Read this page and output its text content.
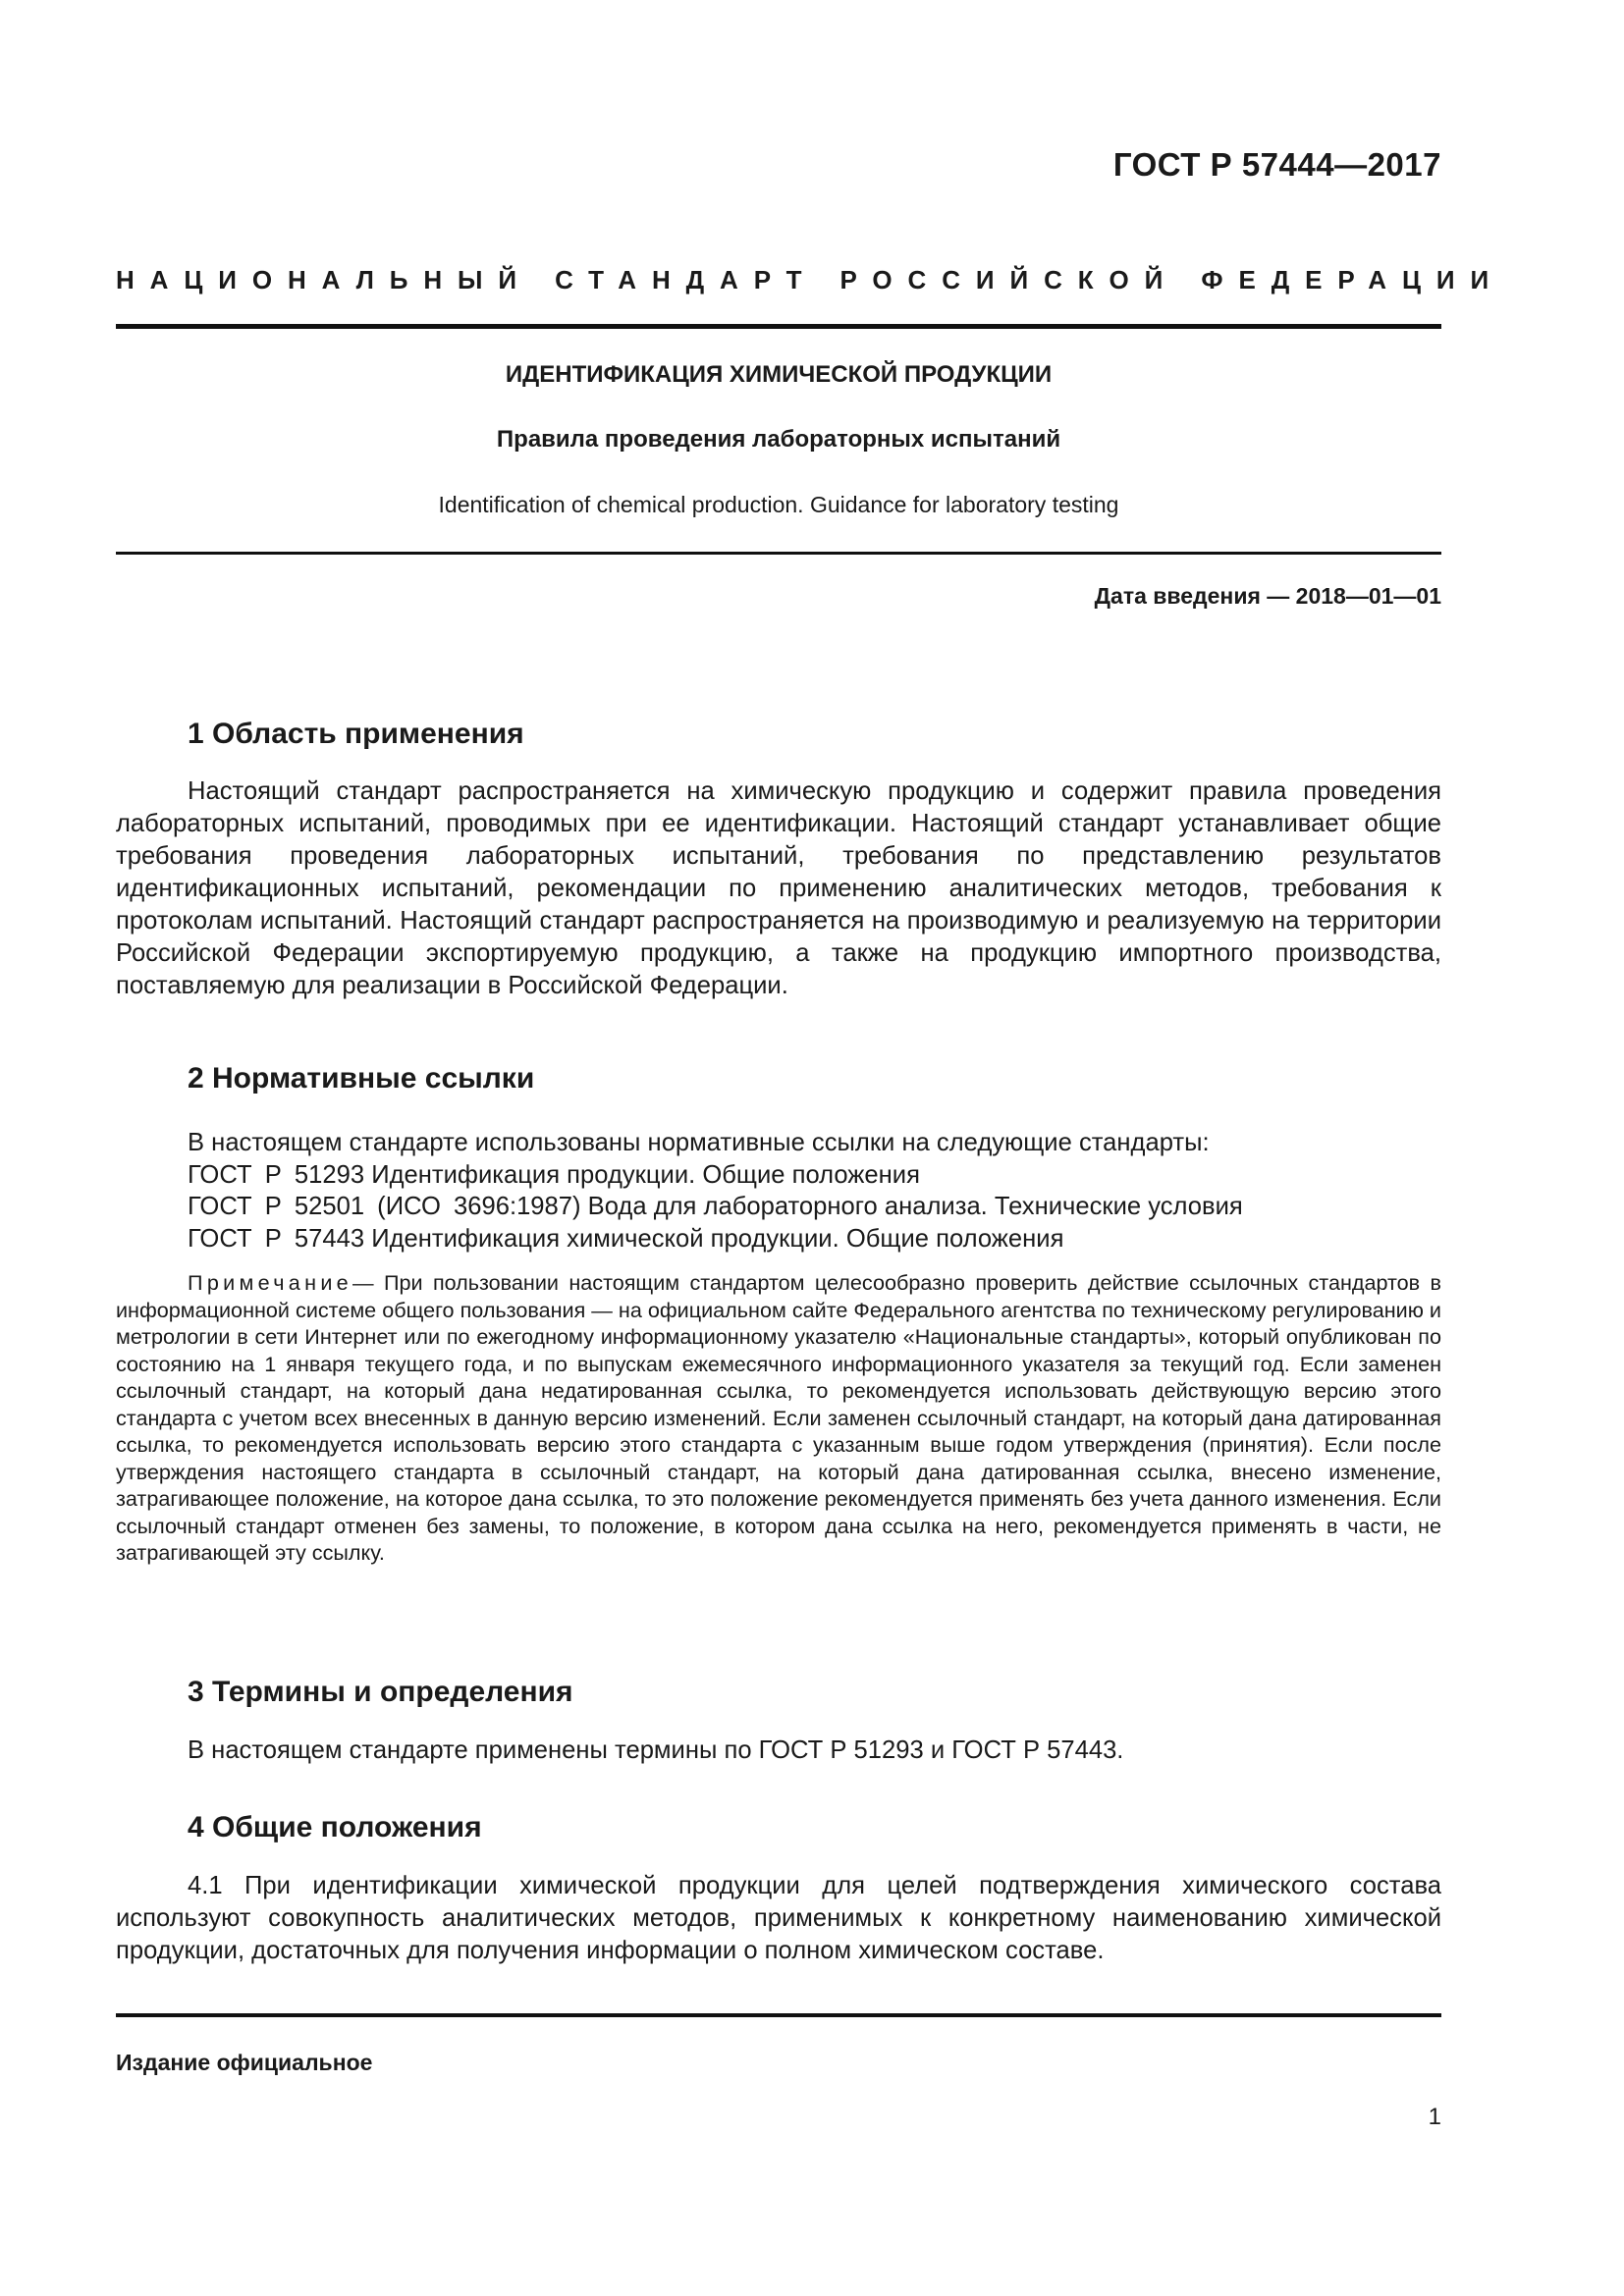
ГОСТ Р 57444—2017
НАЦИОНАЛЬНЫЙ СТАНДАРТ РОССИЙСКОЙ ФЕДЕРАЦИИ
ИДЕНТИФИКАЦИЯ ХИМИЧЕСКОЙ ПРОДУКЦИИ
Правила проведения лабораторных испытаний
Identification of chemical production. Guidance for laboratory testing
Дата введения — 2018—01—01
1 Область применения

Настоящий стандарт распространяется на химическую продукцию и содержит правила проведения лабораторных испытаний, проводимых при ее идентификации. Настоящий стандарт устанавливает общие требования проведения лабораторных испытаний, требования по представлению результатов идентификационных испытаний, рекомендации по применению аналитических методов, требования к протоколам испытаний. Настоящий стандарт распространяется на производимую и реализуемую на территории Российской Федерации экспортируемую продукцию, а также на продукцию импортного производства, поставляемую для реализации в Российской Федерации.

2 Нормативные ссылки
В настоящем стандарте использованы нормативные ссылки на следующие стандарты:
ГОСТ Р 51293 Идентификация продукции. Общие положения
ГОСТ Р 52501 (ИСО 3696:1987) Вода для лабораторного анализа. Технические условия
ГОСТ Р 57443 Идентификация химической продукции. Общие положения

Примечание— При пользовании настоящим стандартом целесообразно проверить действие ссылочных стандартов в информационной системе общего пользования — на официальном сайте Федерального агентства по техническому регулированию и метрологии в сети Интернет или по ежегодному информационному указателю «Национальные стандарты», который опубликован по состоянию на 1 января текущего года, и по выпускам ежемесячного информационного указателя за текущий год. Если заменен ссылочный стандарт, на который дана недатированная ссылка, то рекомендуется использовать действующую версию этого стандарта с учетом всех внесенных в данную версию изменений. Если заменен ссылочный стандарт, на который дана датированная ссылка, то рекомендуется использовать версию этого стандарта с указанным выше годом утверждения (принятия). Если после утверждения настоящего стандарта в ссылочный стандарт, на который дана датированная ссылка, внесено изменение, затрагивающее положение, на которое дана ссылка, то это положение рекомендуется применять без учета данного изменения. Если ссылочный стандарт отменен без замены, то положение, в котором дана ссылка на него, рекомендуется применять в части, не затрагивающей эту ссылку.

3 Термины и определения

В настоящем стандарте применены термины по ГОСТ Р 51293 и ГОСТ Р 57443.

4 Общие положения

4.1 При идентификации химической продукции для целей подтверждения химического состава используют совокупность аналитических методов, применимых к конкретному наименованию химической продукции, достаточных для получения информации о полном химическом составе.

Издание официальное
1
